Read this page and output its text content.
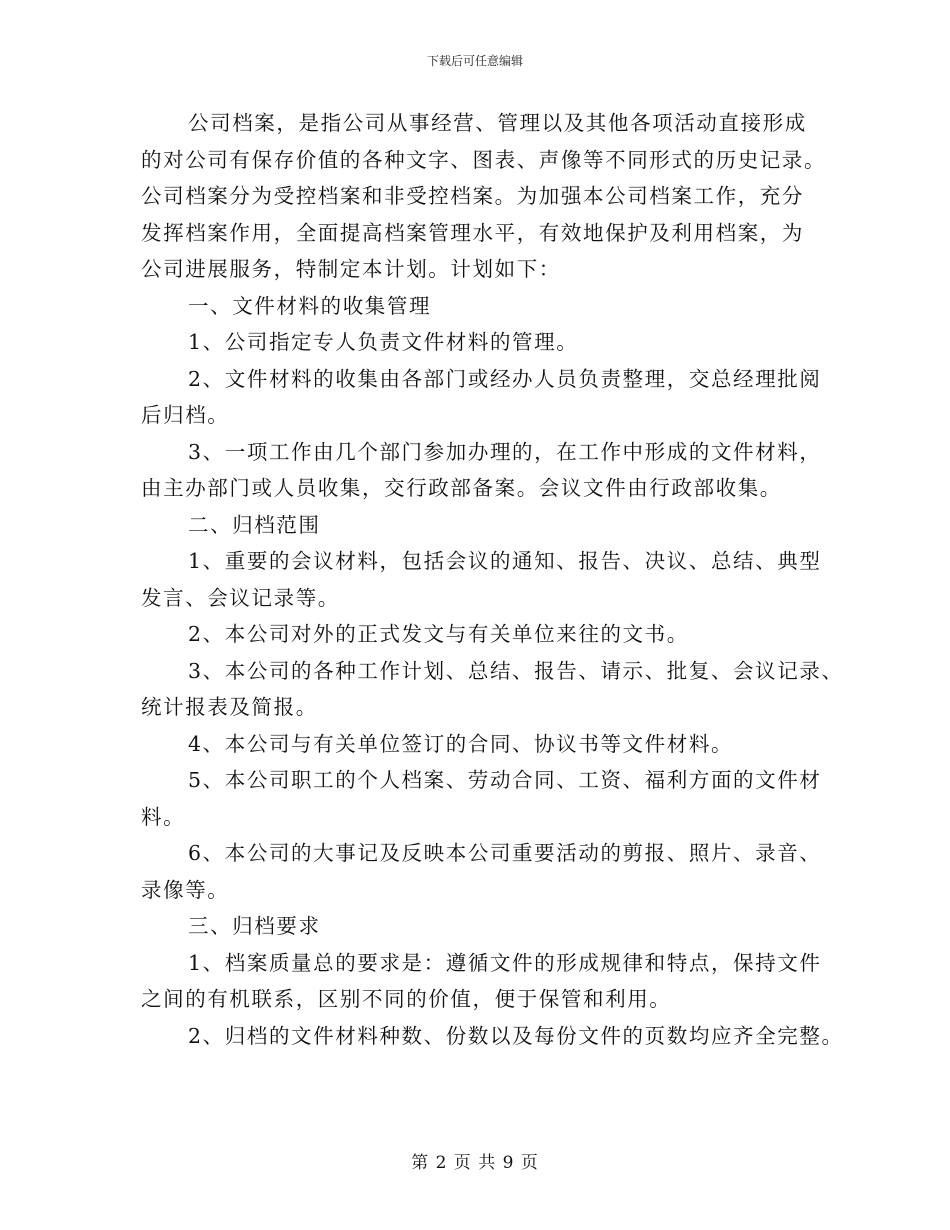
下载后可任意编辑

公司档案，是指公司从事经营、管理以及其他各项活动直接形成

的对公司有保存价值的各种文字、图表、声像等不同形式的历史记录。

公司档案分为受控档案和非受控档案。为加强本公司档案工作，充分

发挥档案作用，全面提高档案管理水平，有效地保护及利用档案，为

公司进展服务，特制定本计划。计划如下：

一、文件材料的收集管理

1、公司指定专人负责文件材料的管理。

2、文件材料的收集由各部门或经办人员负责整理，交总经理批阅

后归档。

3、一项工作由几个部门参加办理的，在工作中形成的文件材料，

由主办部门或人员收集，交行政部备案。会议文件由行政部收集。

二、归档范围

1、重要的会议材料，包括会议的通知、报告、决议、总结、典型

发言、会议记录等。

2、本公司对外的正式发文与有关单位来往的文书。

3、本公司的各种工作计划、总结、报告、请示、批复、会议记录、

统计报表及简报。

4、本公司与有关单位签订的合同、协议书等文件材料。

5、本公司职工的个人档案、劳动合同、工资、福利方面的文件材

料。

6、本公司的大事记及反映本公司重要活动的剪报、照片、录音、

录像等。

三、归档要求

1、档案质量总的要求是：遵循文件的形成规律和特点，保持文件

之间的有机联系，区别不同的价值，便于保管和利用。

2、归档的文件材料种数、份数以及每份文件的页数均应齐全完整。

第 2 页 共 9 页
